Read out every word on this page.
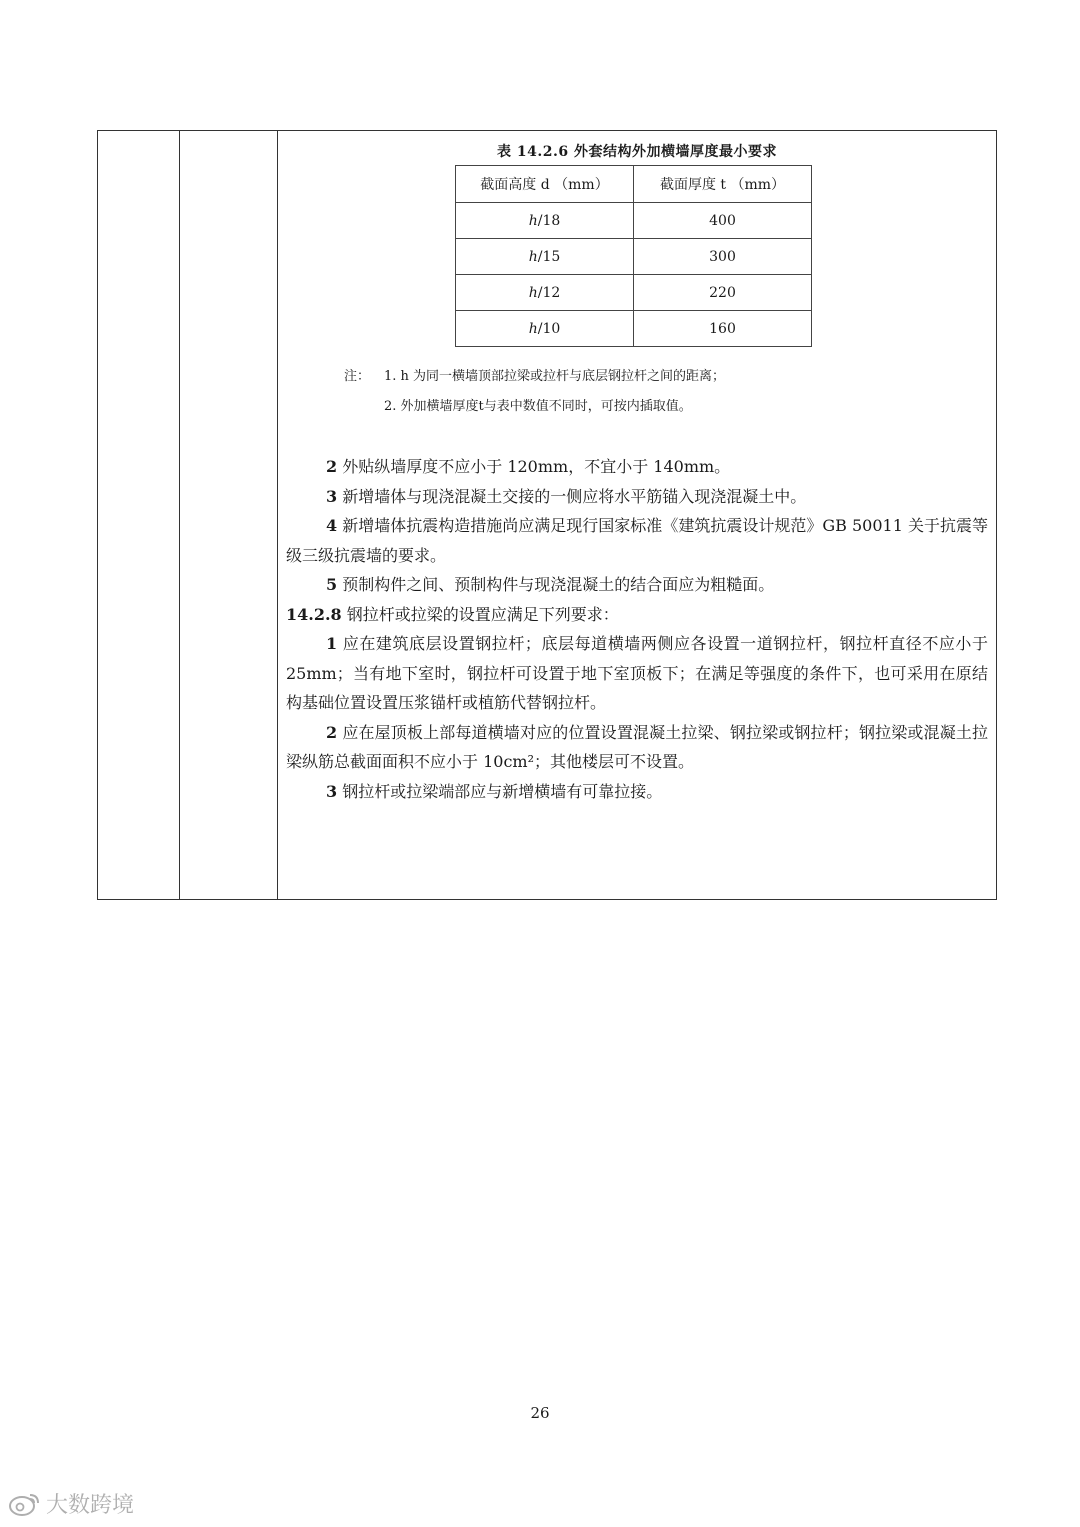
表 14.2.6 外套结构外加横墙厚度最小要求
截面高度 d （mm）	截面厚度 t （mm）
h/18	400
h/15	300
h/12	220
h/10	160
注：	1. h 为同一横墙顶部拉梁或拉杆与底层钢拉杆之间的距离；
2. 外加横墙厚度t与表中数值不同时，可按内插取值。

2 外贴纵墙厚度不应小于 120mm，不宜小于 140mm。

3 新增墙体与现浇混凝土交接的一侧应将水平筋锚入现浇混凝土中。

4 新增墙体抗震构造措施尚应满足现行国家标准《建筑抗震设计规范》GB 50011 关于抗震等级三级抗震墙的要求。

5 预制构件之间、预制构件与现浇混凝土的结合面应为粗糙面。

14.2.8 钢拉杆或拉梁的设置应满足下列要求：

1 应在建筑底层设置钢拉杆；底层每道横墙两侧应各设置一道钢拉杆，钢拉杆直径不应小于 25mm；当有地下室时，钢拉杆可设置于地下室顶板下；在满足等强度的条件下，也可采用在原结构基础位置设置压浆锚杆或植筋代替钢拉杆。

2 应在屋顶板上部每道横墙对应的位置设置混凝土拉梁、钢拉梁或钢拉杆；钢拉梁或混凝土拉梁纵筋总截面面积不应小于 10cm²；其他楼层可不设置。

3 钢拉杆或拉梁端部应与新增横墙有可靠拉接。

26
大数跨境
